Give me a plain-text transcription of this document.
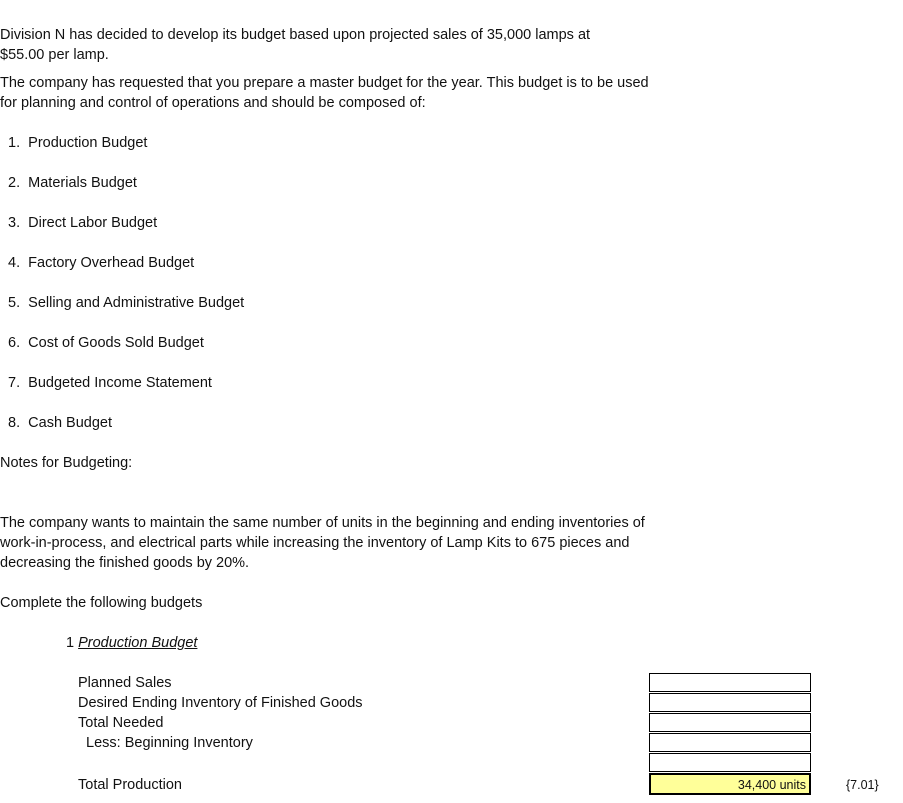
Division N has decided to develop its budget based upon projected sales of 35,000 lamps at
$55.00 per lamp.
The company has requested that you prepare a master budget for the year. This budget is to be used
for planning and control of operations and should be composed of:
1. Production Budget
2. Materials Budget
3. Direct Labor Budget
4. Factory Overhead Budget
5. Selling and Administrative Budget
6. Cost of Goods Sold Budget
7. Budgeted Income Statement
8. Cash Budget
Notes for Budgeting:
The company wants to maintain the same number of units in the beginning and ending inventories of
work-in-process, and electrical parts while increasing the inventory of Lamp Kits to 675 pieces and
decreasing the finished goods by 20%.
Complete the following budgets
1 Production Budget
Planned Sales
Desired Ending Inventory of Finished Goods
Total Needed
Less: Beginning Inventory
Total Production	34,400 units	{7.01}
